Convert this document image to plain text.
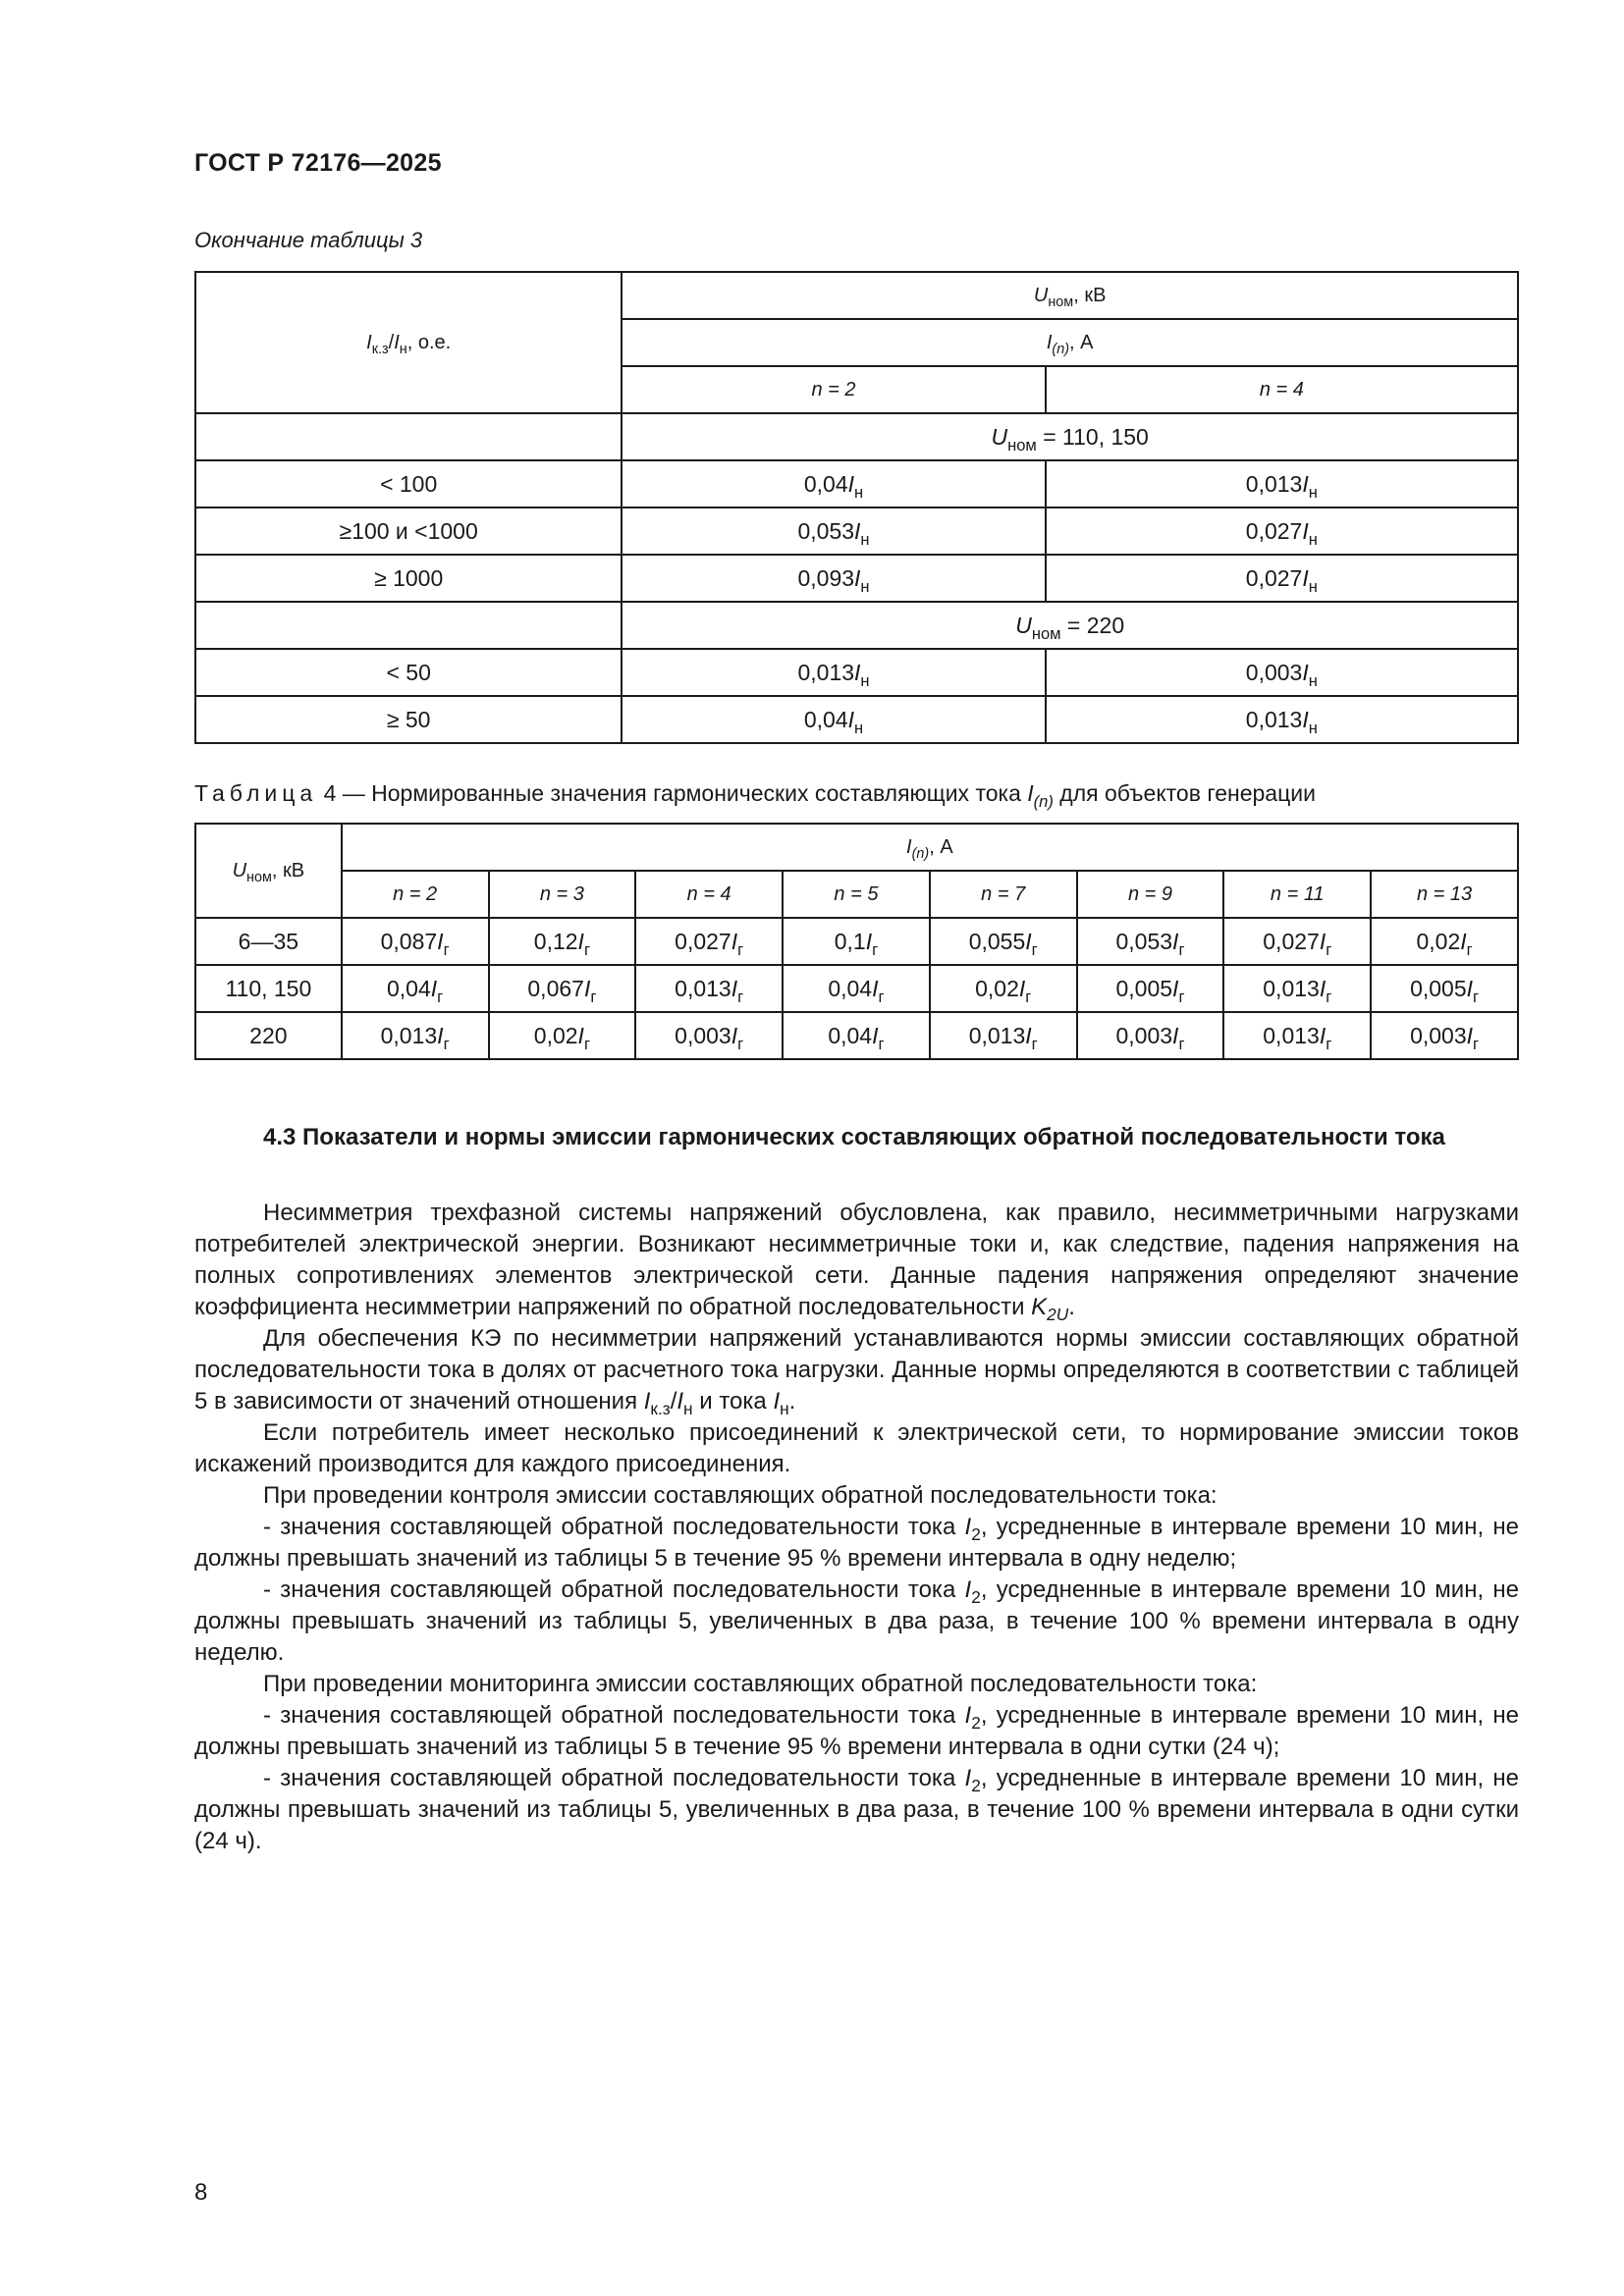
ГОСТ Р 72176—2025
Окончание таблицы 3
$I_{к.з}/I_н$, о.е.	$U_{ном}$, кВ	
	$I_{(n)}$, А	
	n = 2	n = 4
	$U_{ном} = 110$, 150	
< 100	$0,04I_н$	$0,013I_н$
≥100 и <1000	$0,053I_н$	$0,027I_н$
≥ 1000	$0,093I_н$	$0,027I_н$
	$U_{ном} = 220$	
< 50	$0,013I_н$	$0,003I_н$
≥ 50	$0,04I_н$	$0,013I_н$
Таблица 4 — Нормированные значения гармонических составляющих тока $I_{(n)}$ для объектов генерации
$U_{ном}$, кВ	$I_{(n)}$, А							
	n = 2	n = 3	n = 4	n = 5	n = 7	n = 9	n = 11	n = 13
6—35	$0,087I_г$	$0,12I_г$	$0,027I_г$	$0,1I_г$	$0,055I_г$	$0,053I_г$	$0,027I_г$	$0,02I_г$
110, 150	$0,04I_г$	$0,067I_г$	$0,013I_г$	$0,04I_г$	$0,02I_г$	$0,005I_г$	$0,013I_г$	$0,005I_г$
220	$0,013I_г$	$0,02I_г$	$0,003I_г$	$0,04I_г$	$0,013I_г$	$0,003I_г$	$0,013I_г$	$0,003I_г$
4.3 Показатели и нормы эмиссии гармонических составляющих обратной последовательности тока

Несимметрия трехфазной системы напряжений обусловлена, как правило, несимметричными нагрузками потребителей электрической энергии. Возникают несимметричные токи и, как следствие, падения напряжения на полных сопротивлениях элементов электрической сети. Данные падения напряжения определяют значение коэффициента несимметрии напряжений по обратной последовательности $K_{2U}$.

Для обеспечения КЭ по несимметрии напряжений устанавливаются нормы эмиссии составляющих обратной последовательности тока в долях от расчетного тока нагрузки. Данные нормы определяются в соответствии с таблицей 5 в зависимости от значений отношения $I_{к.з}/I_н$ и тока $I_н$.

Если потребитель имеет несколько присоединений к электрической сети, то нормирование эмиссии токов искажений производится для каждого присоединения.

При проведении контроля эмиссии составляющих обратной последовательности тока:

- значения составляющей обратной последовательности тока $I_2$, усредненные в интервале времени 10 мин, не должны превышать значений из таблицы 5 в течение 95 % времени интервала в одну неделю;

- значения составляющей обратной последовательности тока $I_2$, усредненные в интервале времени 10 мин, не должны превышать значений из таблицы 5, увеличенных в два раза, в течение 100 % времени интервала в одну неделю.

При проведении мониторинга эмиссии составляющих обратной последовательности тока:

- значения составляющей обратной последовательности тока $I_2$, усредненные в интервале времени 10 мин, не должны превышать значений из таблицы 5 в течение 95 % времени интервала в одни сутки (24 ч);

- значения составляющей обратной последовательности тока $I_2$, усредненные в интервале времени 10 мин, не должны превышать значений из таблицы 5, увеличенных в два раза, в течение 100 % времени интервала в одни сутки (24 ч).

8
